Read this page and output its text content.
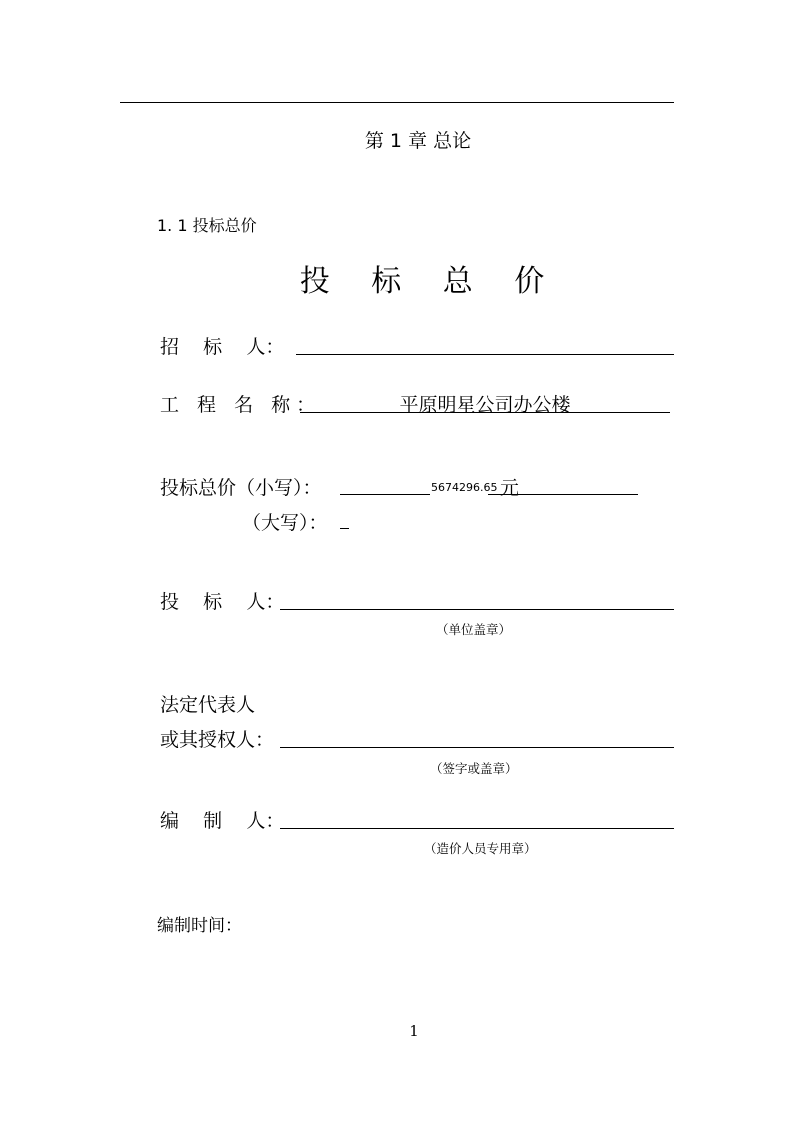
第 1 章 总论
1. 1 投标总价
投 标 总 价
招    标    人：
工 程 名 称：	平原明星公司办公楼
投标总价（小写）：	5674296.65 元
（大写）：
投    标    人：
（单位盖章）
法定代表人
或其授权人：
（签字或盖章）
编    制    人：
（造价人员专用章）
编制时间：
1
